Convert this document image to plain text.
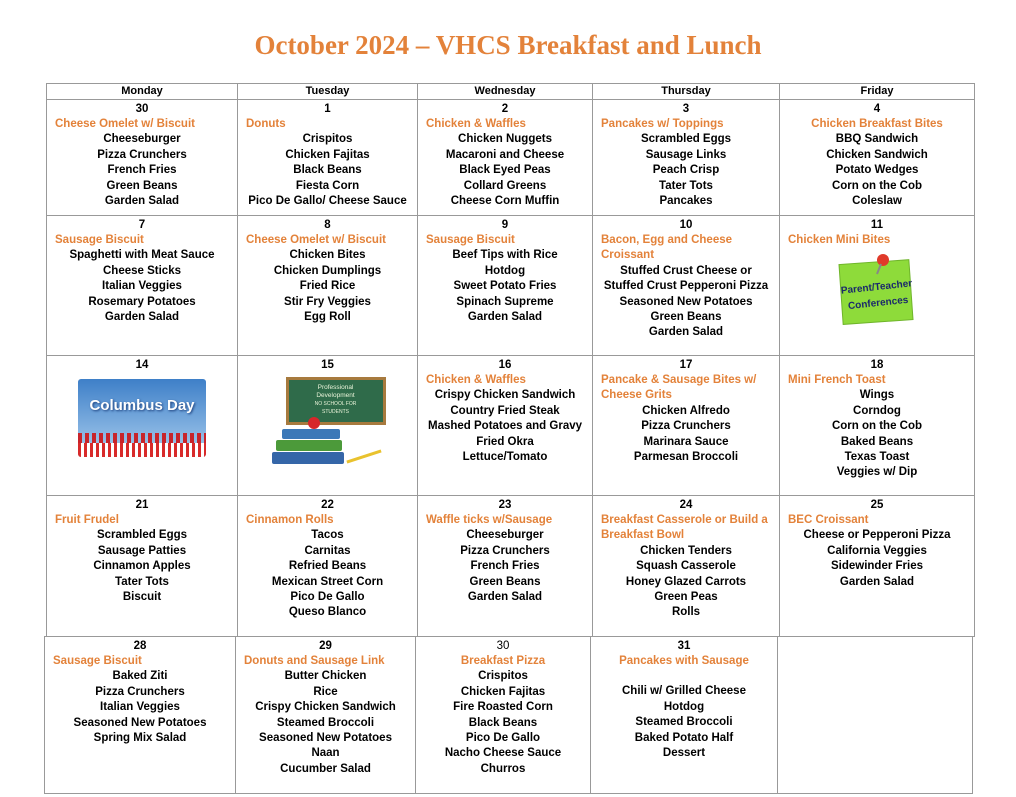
October 2024 – VHCS Breakfast and Lunch
Monday	Tuesday	Wednesday	Thursday	Friday
30
Cheese Omelet w/ Biscuit
Cheeseburger
Pizza Crunchers
French Fries
Green Beans
Garden Salad
1
Donuts
Crispitos
Chicken Fajitas
Black Beans
Fiesta Corn
Pico De Gallo/ Cheese Sauce
2
Chicken & Waffles
Chicken Nuggets
Macaroni and Cheese
Black Eyed Peas
Collard Greens
Cheese Corn Muffin
3
Pancakes w/ Toppings
Scrambled Eggs
Sausage Links
Peach Crisp
Tater Tots
Pancakes
4
Chicken Breakfast Bites
BBQ Sandwich
Chicken Sandwich
Potato Wedges
Corn on the Cob
Coleslaw
7
Sausage Biscuit
Spaghetti with Meat Sauce
Cheese Sticks
Italian Veggies
Rosemary Potatoes
Garden Salad
8
Cheese Omelet w/ Biscuit
Chicken Bites
Chicken Dumplings
Fried Rice
Stir Fry Veggies
Egg Roll
9
Sausage Biscuit
Beef Tips with Rice
Hotdog
Sweet Potato Fries
Spinach Supreme
Garden Salad
10
Bacon, Egg and Cheese Croissant
Stuffed Crust Cheese or
Stuffed Crust Pepperoni Pizza
Seasoned New Potatoes
Green Beans
Garden Salad
11
Chicken Mini Bites
Parent/TeacherConferences
14
Columbus Day
15
Professional
Development
NO SCHOOL FOR
STUDENTS
16
Chicken & Waffles
Crispy Chicken Sandwich
Country Fried Steak
Mashed Potatoes and Gravy
Fried Okra
Lettuce/Tomato
17
Pancake & Sausage Bites w/ Cheese Grits
Chicken Alfredo
Pizza Crunchers
Marinara Sauce
Parmesan Broccoli
18
Mini French Toast
Wings
Corndog
Corn on the Cob
Baked Beans
Texas Toast
Veggies w/ Dip
21
Fruit Frudel
Scrambled Eggs
Sausage Patties
Cinnamon Apples
Tater Tots
Biscuit
22
Cinnamon Rolls
Tacos
Carnitas
Refried Beans
Mexican Street Corn
Pico De Gallo
Queso Blanco
23
Waffle ticks w/Sausage
Cheeseburger
Pizza Crunchers
French Fries
Green Beans
Garden Salad
24
Breakfast Casserole or Build a Breakfast Bowl
Chicken Tenders
Squash Casserole
Honey Glazed Carrots
Green Peas
Rolls
25
BEC Croissant
Cheese or Pepperoni Pizza
California Veggies
Sidewinder Fries
Garden Salad
28
Sausage Biscuit
Baked Ziti
Pizza Crunchers
Italian Veggies
Seasoned New Potatoes
Spring Mix Salad
29
Donuts and Sausage Link
Butter Chicken
Rice
Crispy Chicken Sandwich
Steamed Broccoli
Seasoned New Potatoes
Naan
Cucumber Salad
30
Breakfast Pizza
Crispitos
Chicken Fajitas
Fire Roasted Corn
Black Beans
Pico De Gallo
Nacho Cheese Sauce
Churros
31
Pancakes with Sausage
Chili w/ Grilled Cheese
Hotdog
Steamed Broccoli
Baked Potato Half
Dessert
